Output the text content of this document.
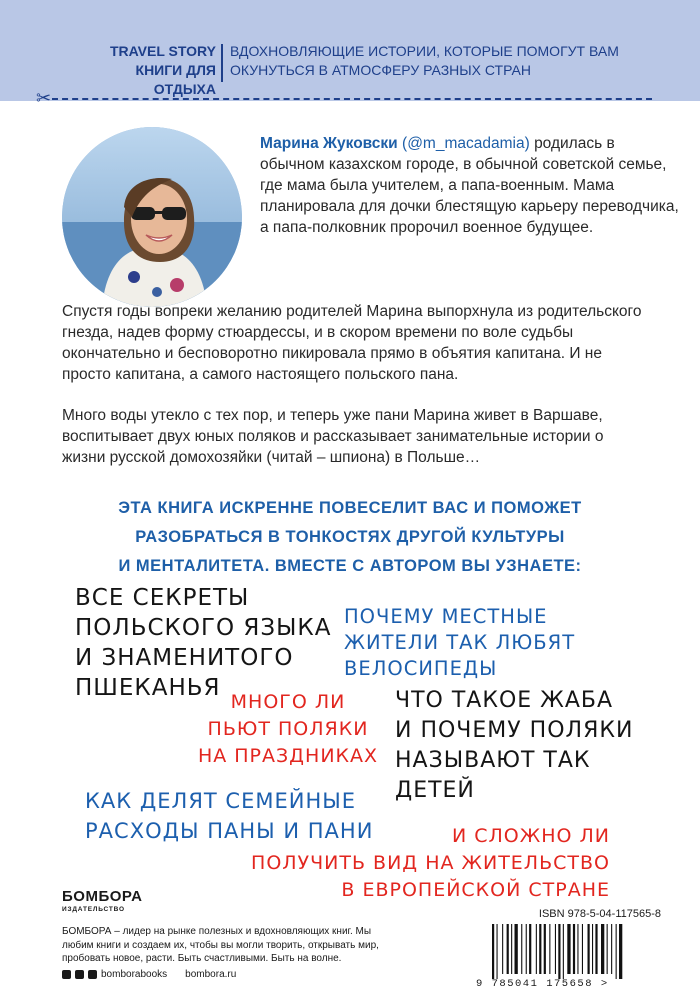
TRAVEL STORY
КНИГИ ДЛЯ ОТДЫХА
ВДОХНОВЛЯЮЩИЕ ИСТОРИИ, КОТОРЫЕ ПОМОГУТ ВАМ
ОКУНУТЬСЯ В АТМОСФЕРУ РАЗНЫХ СТРАН
✂
Марина Жуковски (@m_macadamia) родилась в обычном казахском городе, в обычной советской семье, где мама была учителем, а папа-военным. Мама планировала для дочки блестящую карьеру переводчика, а папа-полковник пророчил военное будущее.
Спустя годы вопреки желанию родителей Марина выпорхнула из родительского гнезда, надев форму стюардессы, и в скором времени по воле судьбы окончательно и бесповоротно пикировала прямо в объятия капитана. И не просто капитана, а самого настоящего польского пана.
Много воды утекло с тех пор, и теперь уже пани Марина живет в Варшаве, воспитывает двух юных поляков и рассказывает занимательные истории о жизни русской домохозяйки (читай – шпиона) в Польше…
ЭТА КНИГА ИСКРЕННЕ ПОВЕСЕЛИТ ВАС И ПОМОЖЕТ
РАЗОБРАТЬСЯ В ТОНКОСТЯХ ДРУГОЙ КУЛЬТУРЫ
И МЕНТАЛИТЕТА. ВМЕСТЕ С АВТОРОМ ВЫ УЗНАЕТЕ:
ВСЕ СЕКРЕТЫ
ПОЛЬСКОГО ЯЗЫКА
И ЗНАМЕНИТОГО
ПШЕКАНЬЯ
ПОЧЕМУ МЕСТНЫЕ
ЖИТЕЛИ ТАК ЛЮБЯТ
ВЕЛОСИПЕДЫ
МНОГО ЛИ
ПЬЮТ ПОЛЯКИ
НА ПРАЗДНИКАХ
ЧТО ТАКОЕ ЖАБА
И ПОЧЕМУ ПОЛЯКИ
НАЗЫВАЮТ ТАК
ДЕТЕЙ
КАК ДЕЛЯТ СЕМЕЙНЫЕ
РАСХОДЫ ПАНЫ И ПАНИ	И СЛОЖНО ЛИ
ПОЛУЧИТЬ ВИД НА ЖИТЕЛЬСТВО
В ЕВРОПЕЙСКОЙ СТРАНЕ
БОМБОРА
ИЗДАТЕЛЬСТВО
БОМБОРА – лидер на рынке полезных и вдохновляющих книг. Мы любим книги и создаем их, чтобы вы могли творить, открывать мир, пробовать новое, расти. Быть счастливыми. Быть на волне.
bomborabooks bombora.ru
ISBN 978-5-04-117565-8
9 785041 175658 >
